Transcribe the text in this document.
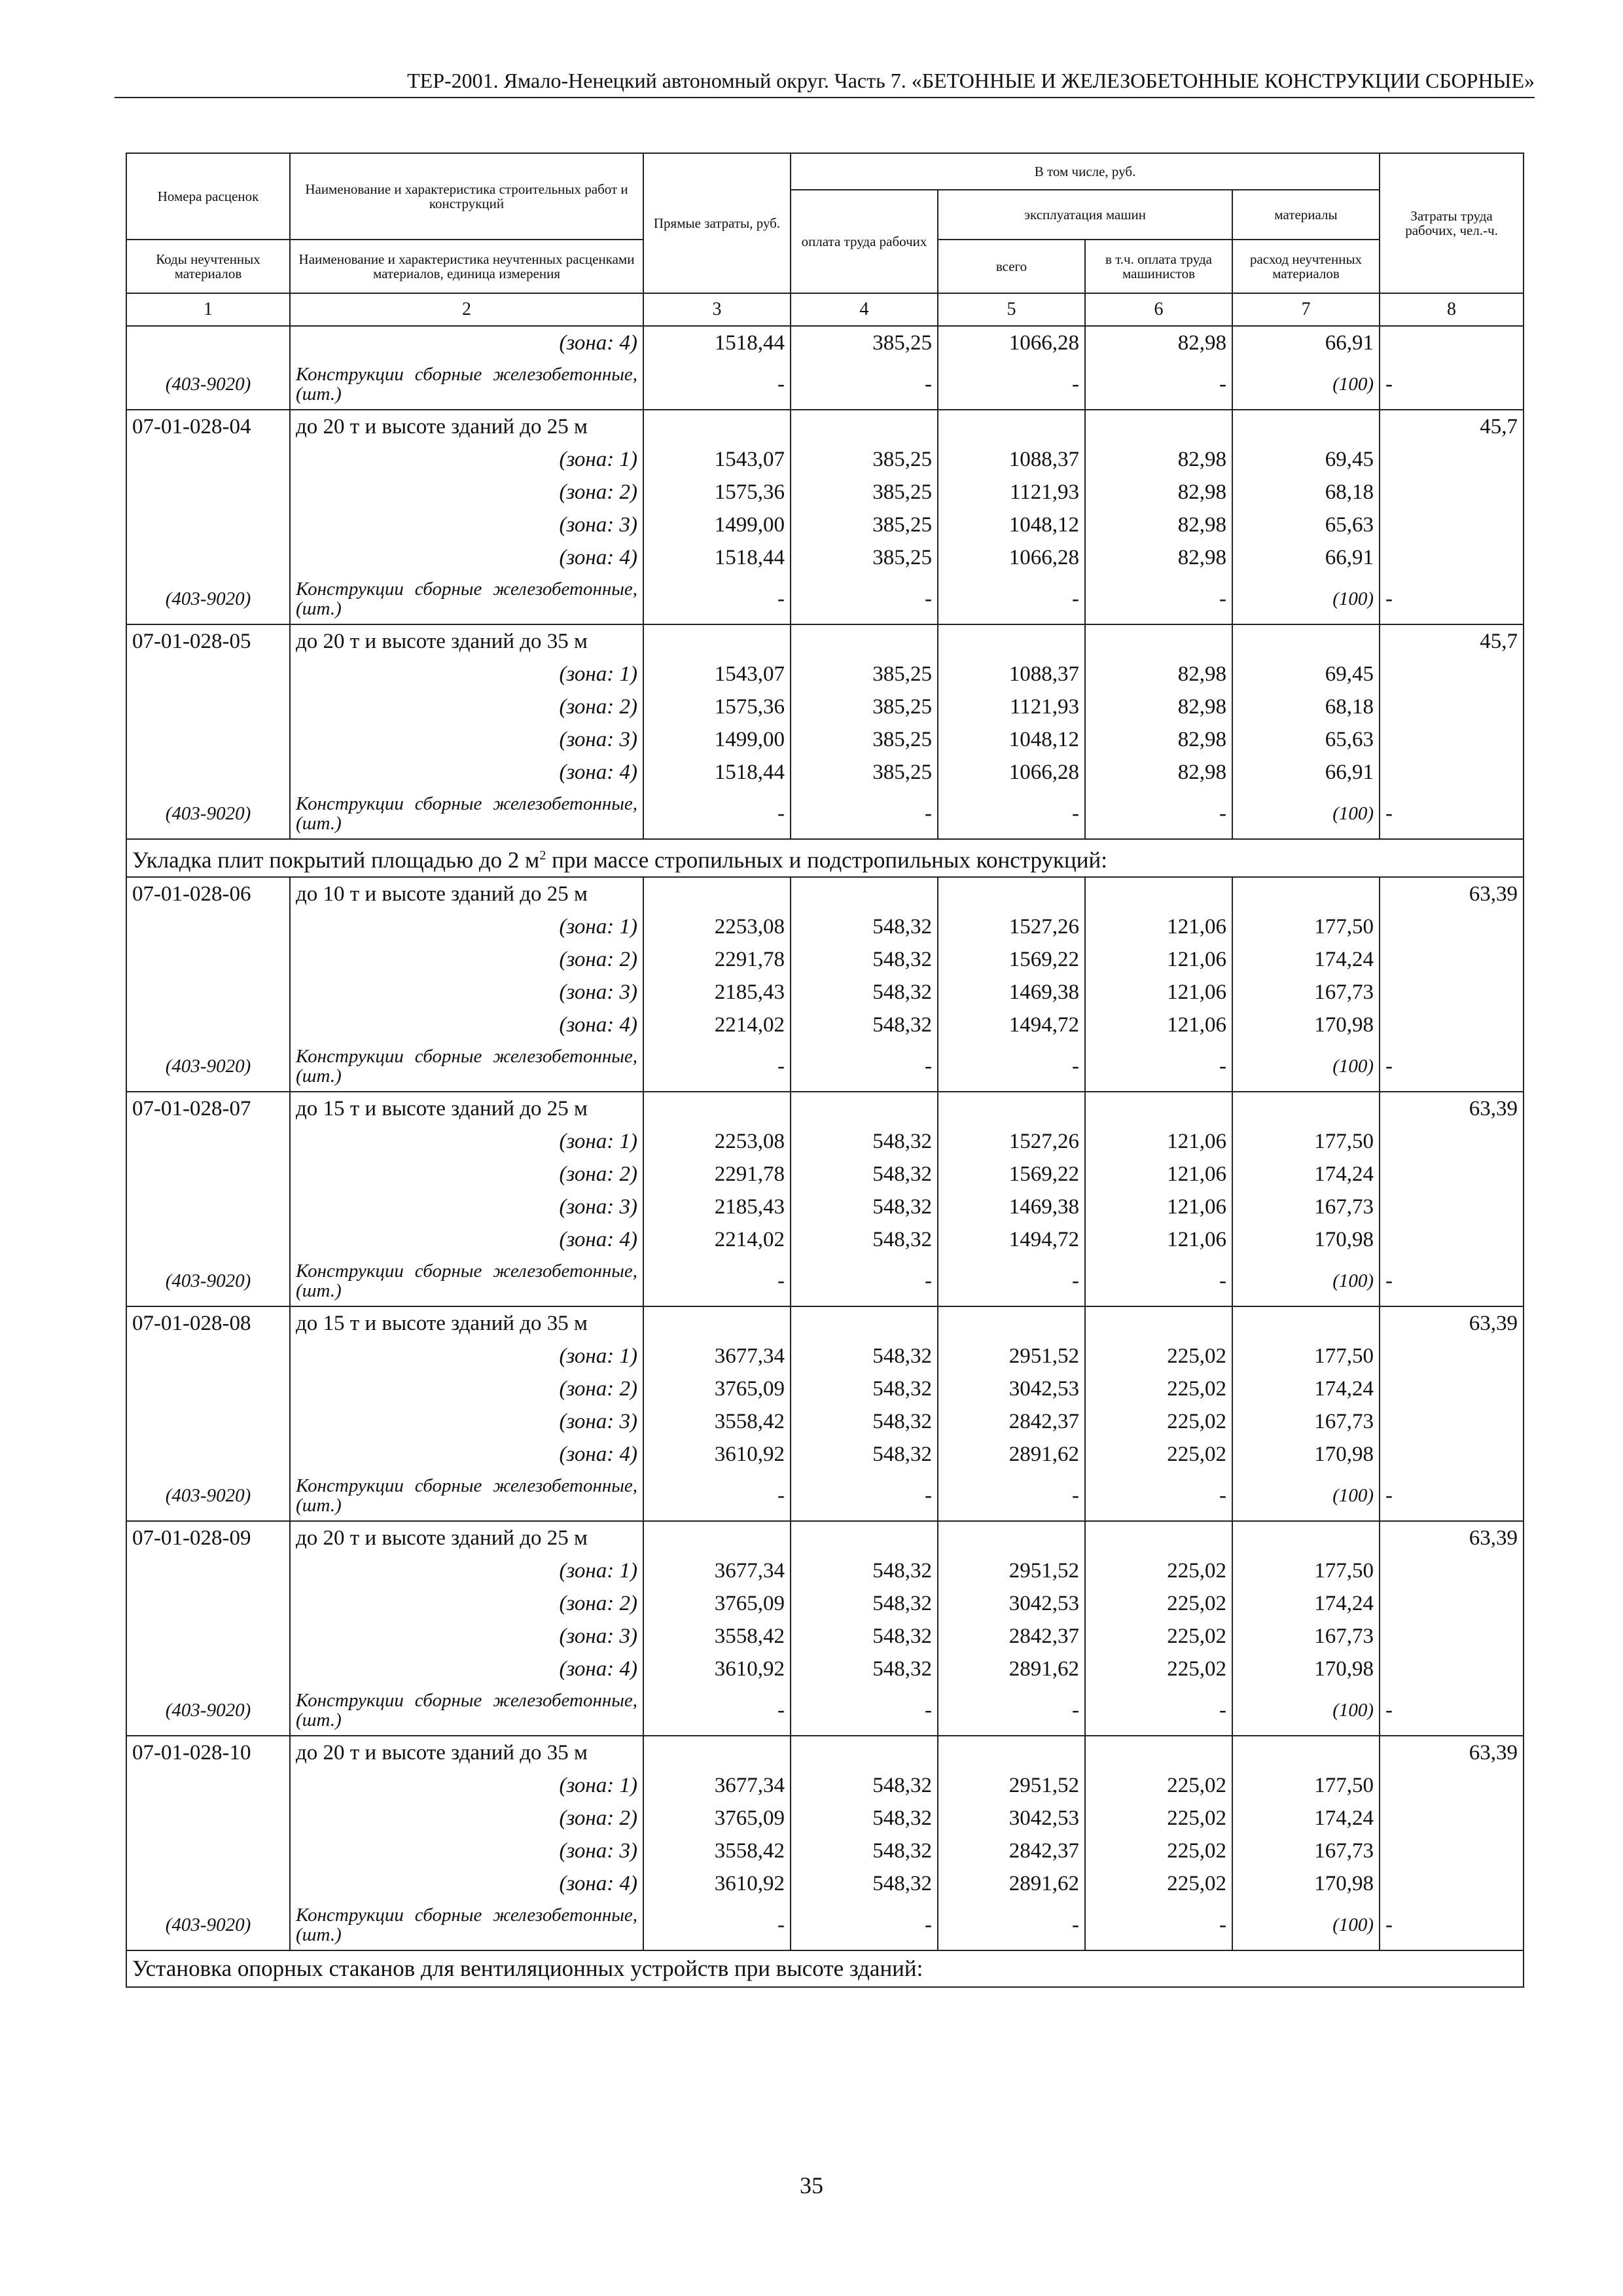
ТЕР-2001. Ямало-Ненецкий автономный округ. Часть 7. «БЕТОННЫЕ И ЖЕЛЕЗОБЕТОННЫЕ КОНСТРУКЦИИ СБОРНЫЕ»
Номера расценок	Наименование и характеристика строительных работ и конструкций	Прямые затраты, руб.	В том числе, руб.				Затраты труда рабочих, чел.-ч.
			оплата труда рабочих	эксплуатация машин		материалы	
Коды неучтенных материалов	Наименование и характеристика неучтенных расценками материалов, единица измерения			всего	в т.ч. оплата труда машинистов	расход неучтенных материалов	
1	2	3	4	5	6	7	8
	(зона: 4)	1518,44	385,25	1066,28	82,98	66,91	
(403-9020)	Конструкции сборные железобетонные, (шт.)	-	-	-	-	(100)	-
07-01-028-04	до 20 т и высоте зданий до 25 м						45,7
	(зона: 1)	1543,07	385,25	1088,37	82,98	69,45	
	(зона: 2)	1575,36	385,25	1121,93	82,98	68,18	
	(зона: 3)	1499,00	385,25	1048,12	82,98	65,63	
	(зона: 4)	1518,44	385,25	1066,28	82,98	66,91	
(403-9020)	Конструкции сборные железобетонные, (шт.)	-	-	-	-	(100)	-
07-01-028-05	до 20 т и высоте зданий до 35 м						45,7
	(зона: 1)	1543,07	385,25	1088,37	82,98	69,45	
	(зона: 2)	1575,36	385,25	1121,93	82,98	68,18	
	(зона: 3)	1499,00	385,25	1048,12	82,98	65,63	
	(зона: 4)	1518,44	385,25	1066,28	82,98	66,91	
(403-9020)	Конструкции сборные железобетонные, (шт.)	-	-	-	-	(100)	-
Укладка плит покрытий площадью до 2 $м^2$ при массе стропильных и подстропильных конструкций:							
07-01-028-06	до 10 т и высоте зданий до 25 м						63,39
	(зона: 1)	2253,08	548,32	1527,26	121,06	177,50	
	(зона: 2)	2291,78	548,32	1569,22	121,06	174,24	
	(зона: 3)	2185,43	548,32	1469,38	121,06	167,73	
	(зона: 4)	2214,02	548,32	1494,72	121,06	170,98	
(403-9020)	Конструкции сборные железобетонные, (шт.)	-	-	-	-	(100)	-
07-01-028-07	до 15 т и высоте зданий до 25 м						63,39
	(зона: 1)	2253,08	548,32	1527,26	121,06	177,50	
	(зона: 2)	2291,78	548,32	1569,22	121,06	174,24	
	(зона: 3)	2185,43	548,32	1469,38	121,06	167,73	
	(зона: 4)	2214,02	548,32	1494,72	121,06	170,98	
(403-9020)	Конструкции сборные железобетонные, (шт.)	-	-	-	-	(100)	-
07-01-028-08	до 15 т и высоте зданий до 35 м						63,39
	(зона: 1)	3677,34	548,32	2951,52	225,02	177,50	
	(зона: 2)	3765,09	548,32	3042,53	225,02	174,24	
	(зона: 3)	3558,42	548,32	2842,37	225,02	167,73	
	(зона: 4)	3610,92	548,32	2891,62	225,02	170,98	
(403-9020)	Конструкции сборные железобетонные, (шт.)	-	-	-	-	(100)	-
07-01-028-09	до 20 т и высоте зданий до 25 м						63,39
	(зона: 1)	3677,34	548,32	2951,52	225,02	177,50	
	(зона: 2)	3765,09	548,32	3042,53	225,02	174,24	
	(зона: 3)	3558,42	548,32	2842,37	225,02	167,73	
	(зона: 4)	3610,92	548,32	2891,62	225,02	170,98	
(403-9020)	Конструкции сборные железобетонные, (шт.)	-	-	-	-	(100)	-
07-01-028-10	до 20 т и высоте зданий до 35 м						63,39
	(зона: 1)	3677,34	548,32	2951,52	225,02	177,50	
	(зона: 2)	3765,09	548,32	3042,53	225,02	174,24	
	(зона: 3)	3558,42	548,32	2842,37	225,02	167,73	
	(зона: 4)	3610,92	548,32	2891,62	225,02	170,98	
(403-9020)	Конструкции сборные железобетонные, (шт.)	-	-	-	-	(100)	-
Установка опорных стаканов для вентиляционных устройств при высоте зданий:							
35
